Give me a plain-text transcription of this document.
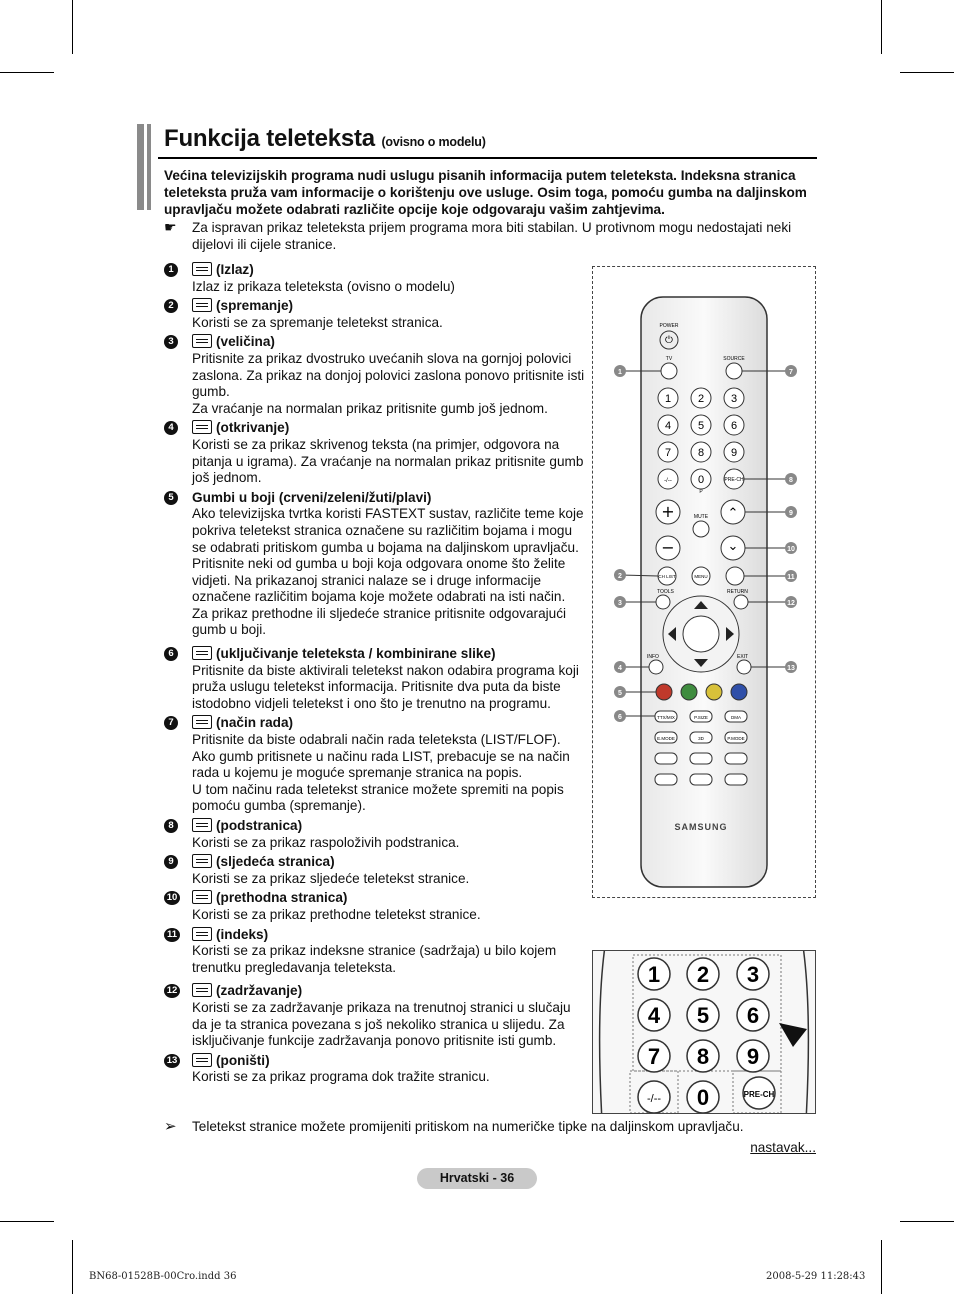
Funkcija teleteksta (ovisno o modelu)
Većina televizijskih programa nudi uslugu pisanih informacija putem teleteksta. Indeksna stranica teleteksta pruža vam informacije o korištenju ove usluge. Osim toga, pomoću gumba na daljinskom upravljaču možete odabrati različite opcije koje odgovaraju vašim zahtjevima.
☛ Za ispravan prikaz teleteksta prijem programa mora biti stabilan. U protivnom mogu nedostajati neki dijelovi ili cijele stranice.
1	(Izlaz)
Izlaz iz prikaza teleteksta (ovisno o modelu)
2	(spremanje)
Koristi se za spremanje teletekst stranica.
3	(veličina)
Pritisnite za prikaz dvostruko uvećanih slova na gornjoj polovici zaslona. Za prikaz na donjoj polovici zaslona ponovo pritisnite isti gumb.
Za vraćanje na normalan prikaz pritisnite gumb još jednom.
4	(otkrivanje)
Koristi se za prikaz skrivenog teksta (na primjer, odgovora na pitanja u igrama). Za vraćanje na normalan prikaz pritisnite gumb još jednom.
5	Gumbi u boji (crveni/zeleni/žuti/plavi)
Ako televizijska tvrtka koristi FASTEXT sustav, različite teme koje pokriva teletekst stranica označene su različitim bojama i mogu se odabrati pritiskom gumba u bojama na daljinskom upravljaču. Pritisnite neki od gumba u boji koja odgovara onome što želite vidjeti. Na prikazanoj stranici nalaze se i druge informacije označene različitim bojama koje možete odabrati na isti način.
Za prikaz prethodne ili sljedeće stranice pritisnite odgovarajući gumb u boji.
6	(uključivanje teleteksta / kombinirane slike)
Pritisnite da biste aktivirali teletekst nakon odabira programa koji pruža uslugu teletekst informacija. Pritisnite dva puta da biste istodobno vidjeli teletekst i ono što je trenutno na programu.
7	(način rada)
Pritisnite da biste odabrali način rada teleteksta (LIST/FLOF). Ako gumb pritisnete u načinu rada LIST, prebacuje se na način rada u kojemu je moguće spremanje stranica na popis.
U tom načinu rada teletekst stranice možete spremiti na popis pomoću gumba (spremanje).
8	(podstranica)
Koristi se za prikaz raspoloživih podstranica.
9	(sljedeća stranica)
Koristi se za prikaz sljedeće teletekst stranice.
10	(prethodna stranica)
Koristi se za prikaz prethodne teletekst stranice.
11	(indeks)
Koristi se za prikaz indeksne stranice (sadržaja) u bilo kojem trenutku pregledavanja teleteksta.
12	(zadržavanje)
Koristi se za zadržavanje prikaza na trenutnoj stranici u slučaju da je ta stranica povezana s još nekoliko stranica u slijedu. Za isključivanje funkcije zadržavanja ponovo pritisnite isti gumb.
13	(poništi)
Koristi se za prikaz programa dok tražite stranicu.
⏻
POWER
TV	SOURCE
1 2 3
4 5 6
7 8 9
0
-/--	PRE-CH
P
MUTE
+
−
⌃
⌄
CH LIST	MENU
TOOLS	RETURN
INFO	EXIT
TTX/MIX	P.SIZE	DMA
E.MODE	3D	P.MODE
SAMSUNG
1
2
3
4
5
6
7
8
9
10
11
12
13
1 2 3
4 5 6
7 8 9
0
-/--	PRE-CH
➢ Teletekst stranice možete promijeniti pritiskom na numeričke tipke na daljinskom upravljaču.
nastavak...
Hrvatski - 36
BN68-01528B-00Cro.indd 36	2008-5-29 11:28:43
